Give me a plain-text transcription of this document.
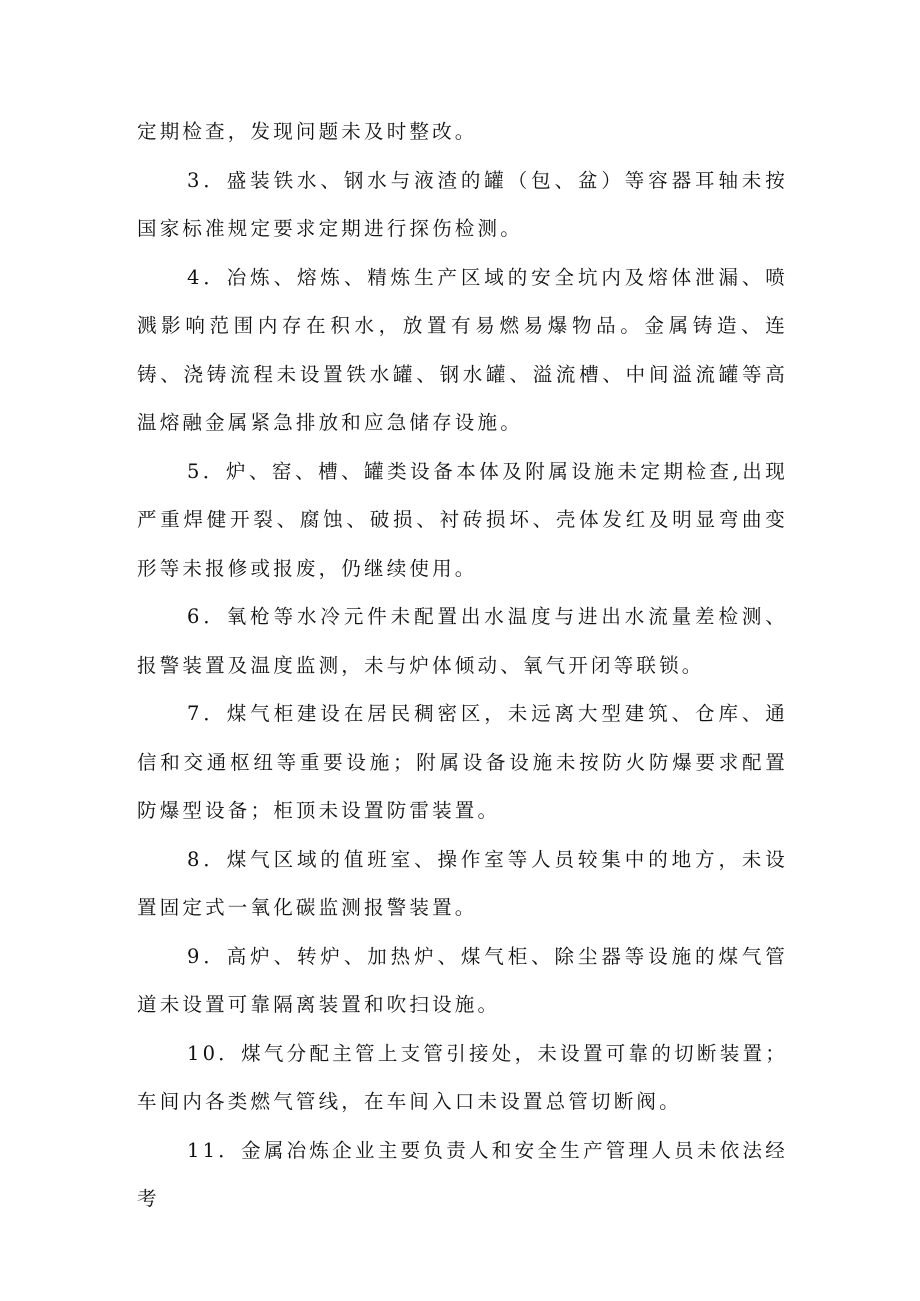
定期检查，发现问题未及时整改。

3．盛装铁水、钢水与液渣的罐（包、盆）等容器耳轴未按国家标准规定要求定期进行探伤检测。

4．冶炼、熔炼、精炼生产区域的安全坑内及熔体泄漏、喷溅影响范围内存在积水，放置有易燃易爆物品。金属铸造、连铸、浇铸流程未设置铁水罐、钢水罐、溢流槽、中间溢流罐等高温熔融金属紧急排放和应急储存设施。

5．炉、窑、槽、罐类设备本体及附属设施未定期检查,出现严重焊健开裂、腐蚀、破损、衬砖损坏、壳体发红及明显弯曲变形等未报修或报废，仍继续使用。

6．氧枪等水冷元件未配置出水温度与进出水流量差检测、报警装置及温度监测，未与炉体倾动、氧气开闭等联锁。

7．煤气柜建设在居民稠密区，未远离大型建筑、仓库、通信和交通枢纽等重要设施；附属设备设施未按防火防爆要求配置防爆型设备；柜顶未设置防雷装置。

8．煤气区域的值班室、操作室等人员较集中的地方，未设置固定式一氧化碳监测报警装置。

9．高炉、转炉、加热炉、煤气柜、除尘器等设施的煤气管道未设置可靠隔离装置和吹扫设施。

10．煤气分配主管上支管引接处，未设置可靠的切断装置；车间内各类燃气管线，在车间入口未设置总管切断阀。

11．金属冶炼企业主要负责人和安全生产管理人员未依法经考
